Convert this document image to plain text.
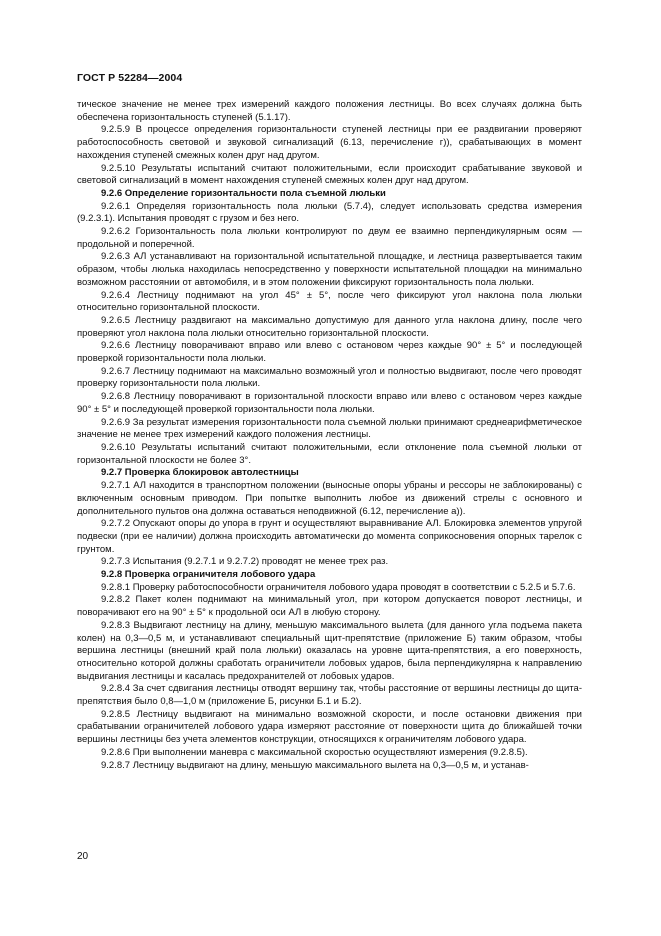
ГОСТ Р 52284—2004

тическое значение не менее трех измерений каждого положения лестницы. Во всех случаях должна быть обеспечена горизонтальность ступеней (5.1.17).

9.2.5.9 В процессе определения горизонтальности ступеней лестницы при ее раздвигании проверяют работоспособность световой и звуковой сигнализаций (6.13, перечисление г)), срабатывающих в момент нахождения ступеней смежных колен друг над другом.

9.2.5.10 Результаты испытаний считают положительными, если происходит срабатывание звуковой и световой сигнализаций в момент нахождения ступеней смежных колен друг над другом.

9.2.6 Определение горизонтальности пола съемной люльки

9.2.6.1 Определяя горизонтальность пола люльки (5.7.4), следует использовать средства измерения (9.2.3.1). Испытания проводят с грузом и без него.

9.2.6.2 Горизонтальность пола люльки контролируют по двум ее взаимно перпендикулярным осям — продольной и поперечной.

9.2.6.3 АЛ устанавливают на горизонтальной испытательной площадке, и лестница развертывается таким образом, чтобы люлька находилась непосредственно у поверхности испытательной площадки на минимально возможном расстоянии от автомобиля, и в этом положении фиксируют горизонтальность пола люльки.

9.2.6.4 Лестницу поднимают на угол 45° ± 5°, после чего фиксируют угол наклона пола люльки относительно горизонтальной плоскости.

9.2.6.5 Лестницу раздвигают на максимально допустимую для данного угла наклона длину, после чего проверяют угол наклона пола люльки относительно горизонтальной плоскости.

9.2.6.6 Лестницу поворачивают вправо или влево с остановом через каждые 90° ± 5° и последующей проверкой горизонтальности пола люльки.

9.2.6.7 Лестницу поднимают на максимально возможный угол и полностью выдвигают, после чего проводят проверку горизонтальности пола люльки.

9.2.6.8 Лестницу поворачивают в горизонтальной плоскости вправо или влево с остановом через каждые 90° ± 5° и последующей проверкой горизонтальности пола люльки.

9.2.6.9 За результат измерения горизонтальности пола съемной люльки принимают среднеарифметическое значение не менее трех измерений каждого положения лестницы.

9.2.6.10 Результаты испытаний считают положительными, если отклонение пола съемной люльки от горизонтальной плоскости не более 3°.

9.2.7 Проверка блокировок автолестницы

9.2.7.1 АЛ находится в транспортном положении (выносные опоры убраны и рессоры не заблокированы) с включенным основным приводом. При попытке выполнить любое из движений стрелы с основного и дополнительного пультов она должна оставаться неподвижной (6.12, перечисление а)).

9.2.7.2 Опускают опоры до упора в грунт и осуществляют выравнивание АЛ. Блокировка элементов упругой подвески (при ее наличии) должна происходить автоматически до момента соприкосновения опорных тарелок с грунтом.

9.2.7.3 Испытания (9.2.7.1 и 9.2.7.2) проводят не менее трех раз.

9.2.8 Проверка ограничителя лобового удара

9.2.8.1 Проверку работоспособности ограничителя лобового удара проводят в соответствии с 5.2.5 и 5.7.6.

9.2.8.2 Пакет колен поднимают на минимальный угол, при котором допускается поворот лестницы, и поворачивают его на 90° ± 5° к продольной оси АЛ в любую сторону.

9.2.8.3 Выдвигают лестницу на длину, меньшую максимального вылета (для данного угла подъема пакета колен) на 0,3—0,5 м, и устанавливают специальный щит-препятствие (приложение Б) таким образом, чтобы вершина лестницы (внешний край пола люльки) оказалась на уровне щита-препятствия, а его поверхность, относительно которой должны сработать ограничители лобовых ударов, была перпендикулярна к направлению выдвигания лестницы и касалась предохранителей от лобовых ударов.

9.2.8.4 За счет сдвигания лестницы отводят вершину так, чтобы расстояние от вершины лестницы до щита-препятствия было 0,8—1,0 м (приложение Б, рисунки Б.1 и Б.2).

9.2.8.5 Лестницу выдвигают на минимально возможной скорости, и после остановки движения при срабатывании ограничителей лобового удара измеряют расстояние от поверхности щита до ближайшей точки вершины лестницы без учета элементов конструкции, относящихся к ограничителям лобового удара.

9.2.8.6 При выполнении маневра с максимальной скоростью осуществляют измерения (9.2.8.5).

9.2.8.7 Лестницу выдвигают на длину, меньшую максимального вылета на 0,3—0,5 м, и устанав-

20
